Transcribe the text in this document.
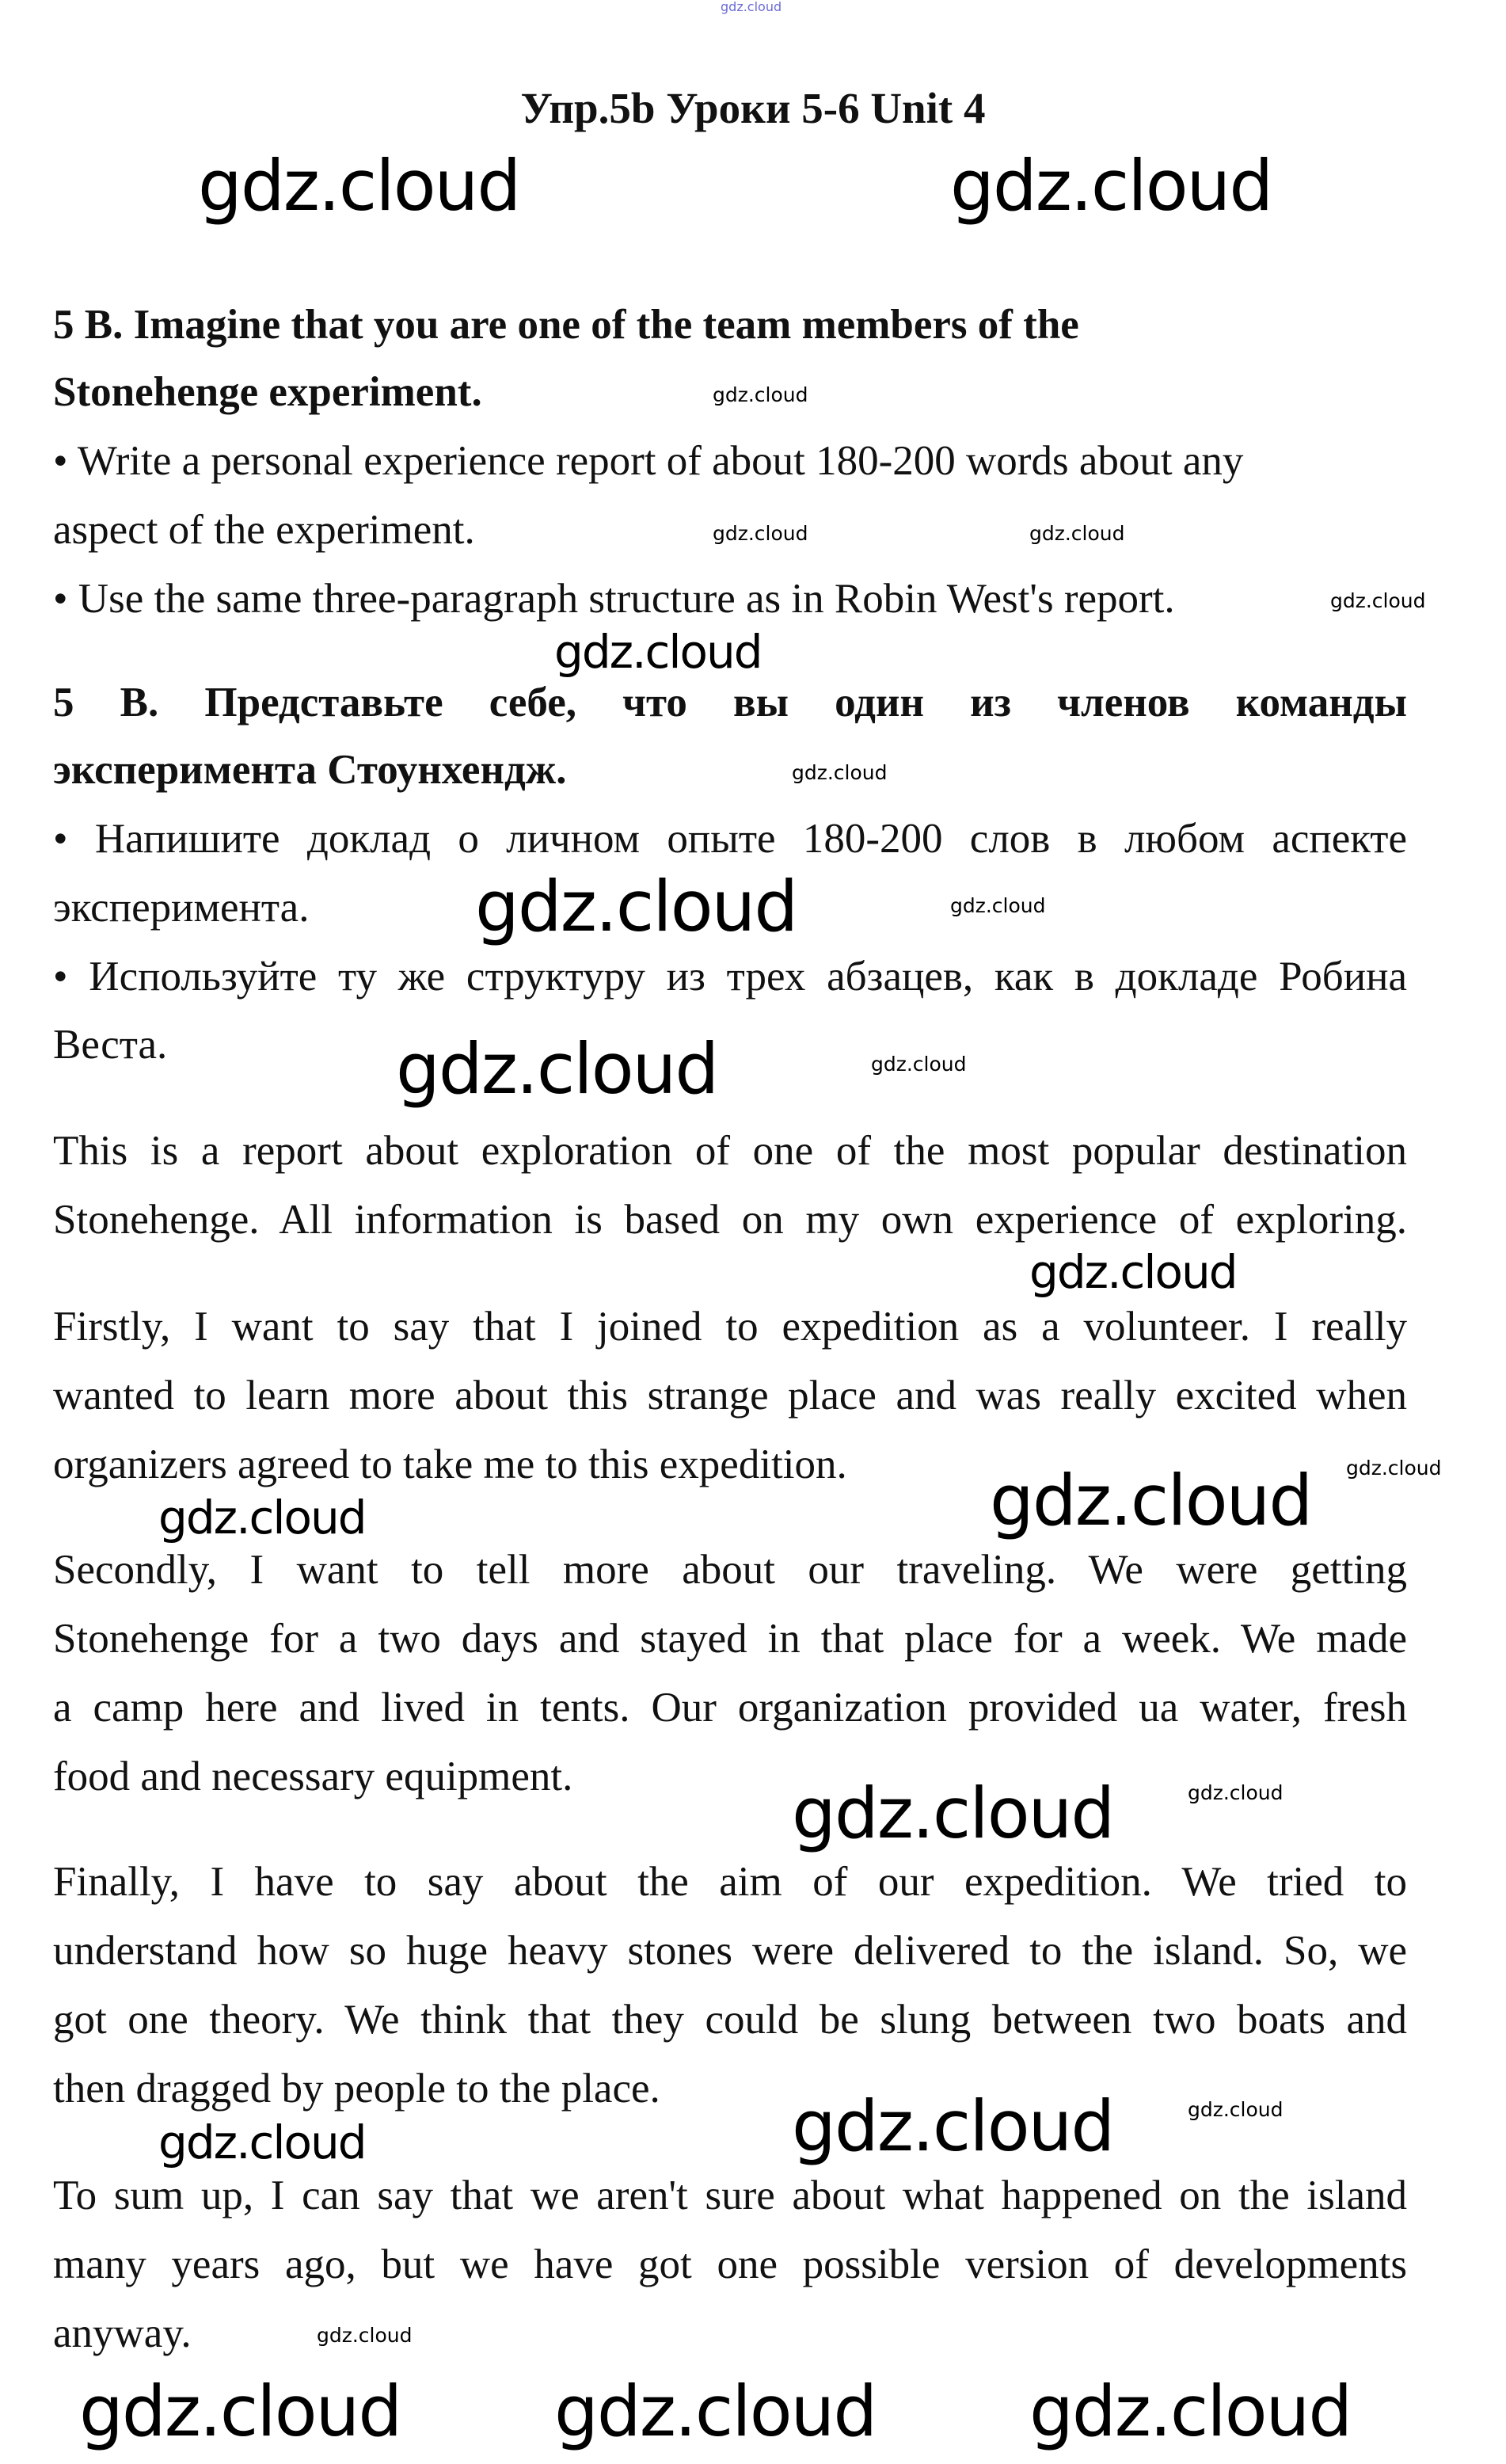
gdz.cloud
Упр.5b Уроки 5-6 Unit 4
5 B. Imagine that you are one of the team members of the
Stonehenge experiment.
• Write a personal experience report of about 180-200 words about any
aspect of the experiment.
• Use the same three-paragraph structure as in Robin West's report.
5 В. Представьте себе, что вы один из членов команды
эксперимента Стоунхендж.
• Напишите доклад о личном опыте 180-200 слов в любом аспекте
эксперимента.
• Используйте ту же структуру из трех абзацев, как в докладе Робина
Веста.
This is a report about exploration of one of the most popular destination
Stonehenge. All information is based on my own experience of exploring.
Firstly, I want to say that I joined to expedition as a volunteer. I really
wanted to learn more about this strange place and was really excited when
organizers agreed to take me to this expedition.
Secondly, I want to tell more about our traveling. We were getting
Stonehenge for a two days and stayed in that place for a week. We made
a camp here and lived in tents. Our organization provided ua water, fresh
food and necessary equipment.
Finally, I have to say about the aim of our expedition. We tried to
understand how so huge heavy stones were delivered to the island. So, we
got one theory. We think that they could be slung between two boats and
then dragged by people to the place.
To sum up, I can say that we aren't sure about what happened on the island
many years ago, but we have got one possible version of developments
anyway.
gdz.cloud	gdz.cloud
gdz.cloud
gdz.cloud
gdz.cloud
gdz.cloud
gdz.cloud
gdz.cloud gdz.cloud gdz.cloud
gdz.cloud
gdz.cloud
gdz.cloud
gdz.cloud
gdz.cloud
gdz.cloud	gdz.cloud
gdz.cloud
gdz.cloud
gdz.cloud
gdz.cloud
gdz.cloud
gdz.cloud
gdz.cloud
gdz.cloud
